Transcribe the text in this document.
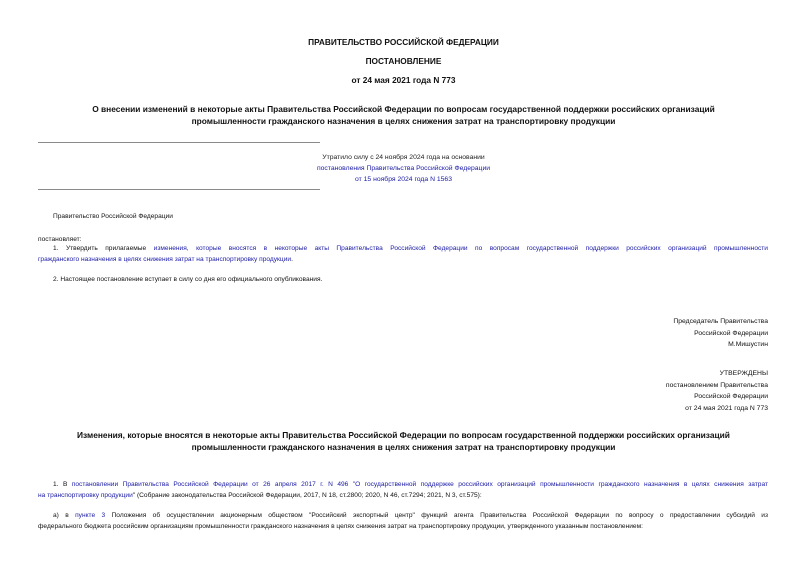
ПРАВИТЕЛЬСТВО РОССИЙСКОЙ ФЕДЕРАЦИИ
ПОСТАНОВЛЕНИЕ
от 24 мая 2021 года N 773
О внесении изменений в некоторые акты Правительства Российской Федерации по вопросам государственной поддержки российских организаций
промышленности гражданского назначения в целях снижения затрат на транспортировку продукции
Утратило силу с 24 ноября 2024 года на основании
постановления Правительства Российской Федерации
от 15 ноября 2024 года N 1563
Правительство Российской Федерации
постановляет:
1. Утвердить прилагаемые изменения, которые вносятся в некоторые акты Правительства Российской Федерации по вопросам государственной поддержки российских организаций промышленности
гражданского назначения в целях снижения затрат на транспортировку продукции.
2. Настоящее постановление вступает в силу со дня его официального опубликования.
Председатель Правительства
Российской Федерации
М.Мишустин
УТВЕРЖДЕНЫ
постановлением Правительства
Российской Федерации
от 24 мая 2021 года N 773
Изменения, которые вносятся в некоторые акты Правительства Российской Федерации по вопросам государственной поддержки российских организаций
промышленности гражданского назначения в целях снижения затрат на транспортировку продукции
1. В постановлении Правительства Российской Федерации от 26 апреля 2017 г. N 496 "О государственной поддержке российских организаций промышленности гражданского назначения в целях снижения затрат
на транспортировку продукции" (Собрание законодательства Российской Федерации, 2017, N 18, ст.2800; 2020, N 46, ст.7294; 2021, N 3, ст.575):
а) в пункте 3 Положения об осуществлении акционерным обществом "Российский экспортный центр" функций агента Правительства Российской Федерации по вопросу о предоставлении субсидий из
федерального бюджета российским организациям промышленности гражданского назначения в целях снижения затрат на транспортировку продукции, утвержденного указанным постановлением:
